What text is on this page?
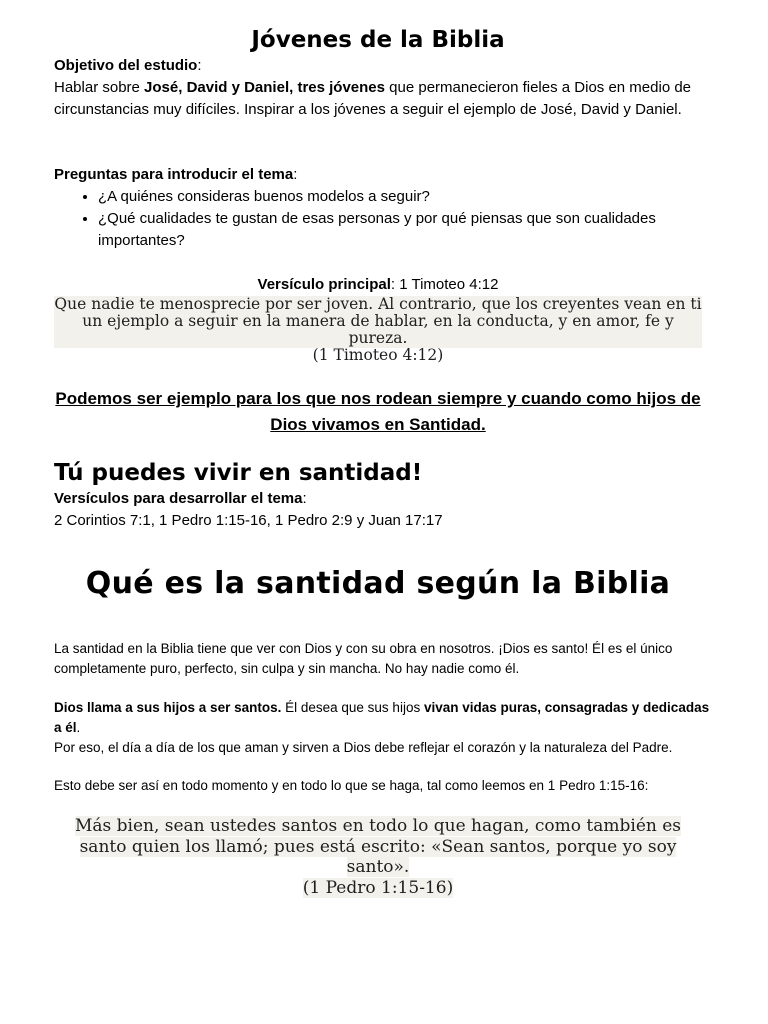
Jóvenes de la Biblia
Objetivo del estudio:
Hablar sobre José, David y Daniel, tres jóvenes que permanecieron fieles a Dios en medio de circunstancias muy difíciles. Inspirar a los jóvenes a seguir el ejemplo de José, David y Daniel.
Preguntas para introducir el tema:
• ¿A quiénes consideras buenos modelos a seguir?
• ¿Qué cualidades te gustan de esas personas y por qué piensas que son cualidades importantes?
Versículo principal: 1 Timoteo 4:12
Que nadie te menosprecie por ser joven. Al contrario, que los creyentes vean en ti un ejemplo a seguir en la manera de hablar, en la conducta, y en amor, fe y pureza.
(1 Timoteo 4:12)
Podemos ser ejemplo para los que nos rodean siempre y cuando como hijos de Dios vivamos en Santidad.
Tú puedes vivir en santidad!
Versículos para desarrollar el tema:
2 Corintios 7:1, 1 Pedro 1:15-16, 1 Pedro 2:9 y Juan 17:17
Qué es la santidad según la Biblia
La santidad en la Biblia tiene que ver con Dios y con su obra en nosotros. ¡Dios es santo! Él es el único completamente puro, perfecto, sin culpa y sin mancha. No hay nadie como él.
Dios llama a sus hijos a ser santos. Él desea que sus hijos vivan vidas puras, consagradas y dedicadas a él.
Por eso, el día a día de los que aman y sirven a Dios debe reflejar el corazón y la naturaleza del Padre.
Esto debe ser así en todo momento y en todo lo que se haga, tal como leemos en 1 Pedro 1:15-16:
Más bien, sean ustedes santos en todo lo que hagan, como también es santo quien los llamó; pues está escrito: «Sean santos, porque yo soy santo».
(1 Pedro 1:15-16)
